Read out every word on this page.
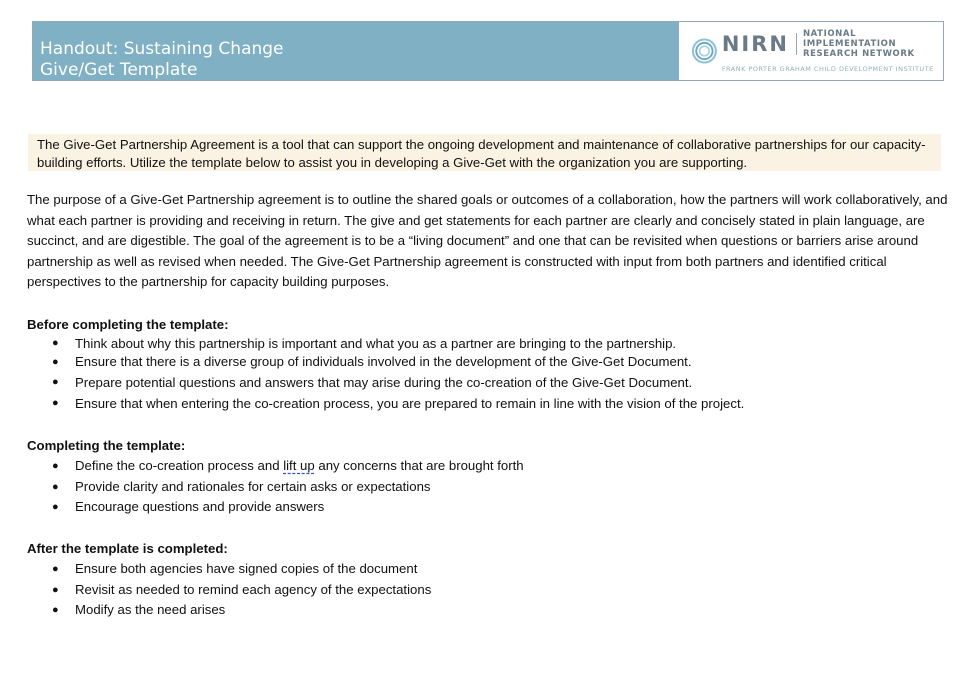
Handout: Sustaining Change
Give/Get Template
NIRN	NATIONAL IMPLEMENTATION
RESEARCH NETWORK
FRANK PORTER GRAHAM CHILD DEVELOPMENT INSTITUTE
The Give-Get Partnership Agreement is a tool that can support the ongoing development and maintenance of collaborative partnerships for our capacity-building efforts. Utilize the template below to assist you in developing a Give-Get with the organization you are supporting.

The purpose of a Give-Get Partnership agreement is to outline the shared goals or outcomes of a collaboration, how the partners will work collaboratively, and what each partner is providing and receiving in return. The give and get statements for each partner are clearly and concisely stated in plain language, are succinct, and are digestible. The goal of the agreement is to be a “living document” and one that can be revisited when questions or barriers arise around partnership as well as revised when needed. The Give-Get Partnership agreement is constructed with input from both partners and identified critical perspectives to the partnership for capacity building purposes.

Before completing the template:

● Think about why this partnership is important and what you as a partner are bringing to the partnership.
● Ensure that there is a diverse group of individuals involved in the development of the Give-Get Document.
● Prepare potential questions and answers that may arise during the co-creation of the Give-Get Document.
● Ensure that when entering the co-creation process, you are prepared to remain in line with the vision of the project.

Completing the template:

● Define the co-creation process and lift up any concerns that are brought forth
● Provide clarity and rationales for certain asks or expectations
● Encourage questions and provide answers

After the template is completed:

● Ensure both agencies have signed copies of the document
● Revisit as needed to remind each agency of the expectations
● Modify as the need arises
